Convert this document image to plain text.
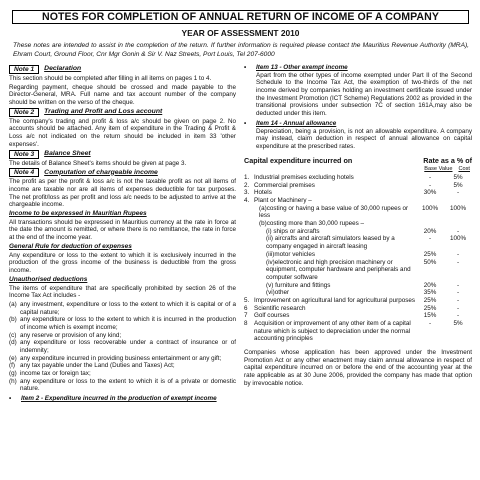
NOTES FOR COMPLETION OF ANNUAL RETURN OF INCOME OF A COMPANY
YEAR OF ASSESSMENT 2010
These notes are intended to assist in the completion of the return. If further information is required please contact the Mauritius Revenue Authority (MRA), Ehram Court, Ground Floor, Cnr Mgr Gonin & Sir V. Naz Streets, Port Louis, Tel 207-6000
Note 1	Declaration

This section should be completed after filling in all items on pages 1 to 4.

Regarding payment, cheque should be crossed and made payable to the Director-General, MRA. Full name and tax account number of the company should be written on the verso of the cheque.

Note 2	Trading and Profit and Loss account

The company's trading and profit & loss a/c should be given on page 2. No accounts should be attached. Any item of expenditure in the Trading & Profit & Loss a/c not indicated on the return should be included in item 33 'other expenses'.

Note 3	Balance Sheet

The details of Balance Sheet's items should be given at page 3.

Note 4	Computation of chargeable income

The profit as per the profit & loss a/c is not the taxable profit as not all items of income are taxable nor are all items of expenses deductible for tax purposes. The net profit/loss as per profit and loss a/c needs to be adjusted to arrive at the chargeable income.

Income to be expressed in Mauritian Rupees

All transactions should be expressed in Mauritius currency at the rate in force at the date the amount is remitted, or where there is no remittance, the rate in force at the end of the income year.

General Rule for deduction of expenses

Any expenditure or loss to the extent to which it is exclusively incurred in the production of the gross income of the business is deductible from the gross income.

Unauthorised deductions

The items of expenditure that are specifically prohibited by section 26 of the Income Tax Act includes -

(a) any investment, expenditure or loss to the extent to which it is capital or of a capital nature;
(b) any expenditure or loss to the extent to which it is incurred in the production of income which is exempt income;
(c) any reserve or provision of any kind;
(d) any expenditure or loss recoverable under a contract of insurance or of indemnity;
(e) any expenditure incurred in providing business entertainment or any gift;
(f) any tax payable under the Land (Duties and Taxes) Act;
(g) income tax or foreign tax;
(h) any expenditure or loss to the extent to which it is of a private or domestic nature.
•	Item 2 - Expenditure incurred in the production of exempt income
•	Item 13 - Other exempt income

Apart from the other types of income exempted under Part II of the Second Schedule to the Income Tax Act, the exemption of two-thirds of the net income derived by companies holding an investment certificate issued under the Investment Promotion (ICT Scheme) Regulations 2002 as provided in the transitional provisions under subsection 7C of section 161A,may also be deducted under this item.

•	Item 14 - Annual allowance

Depreciation, being a provision, is not an allowable expenditure. A company may instead, claim deduction in respect of annual allowance on capital expenditure at the prescribed rates.

Capital expenditure incurred on	Rate as a % of
Base Value Cost
1.	Industrial premises excluding hotels	-	5%
2.	Commercial premises	-	5%
3.	Hotels	30%	-
4.	Plant or Machinery –		
	(a)costing or having a base value of 30,000 rupees or less	100%	100%
	(b)costing more than 30,000 rupees –		
	(i) ships or aircrafts	20%	-
	(ii) aircrafts and aircraft simulators leased by a company engaged in aircraft leasing	-	100%
	(iii)motor vehicles	25%	-
	(iv)electronic and high precision machinery or equipment, computer hardware and peripherals and computer software	50%	-
	(v) furniture and fittings	20%	-
	(vi)other	35%	-
5.	Improvement on agricultural land for agricultural purposes	25%	-
6	Scientific research	25%	-
7	Golf courses	15%	-
8	Acquisition or improvement of any other item of a capital nature which is subject to depreciation under the normal accounting principles	-	5%

Companies whose application has been approved under the Investment Promotion Act or any other enactment may claim annual allowance in respect of capital expenditure incurred on or before the end of the accounting year at the rate applicable as at 30 June 2006, provided the company has made that option by irrevocable notice.
